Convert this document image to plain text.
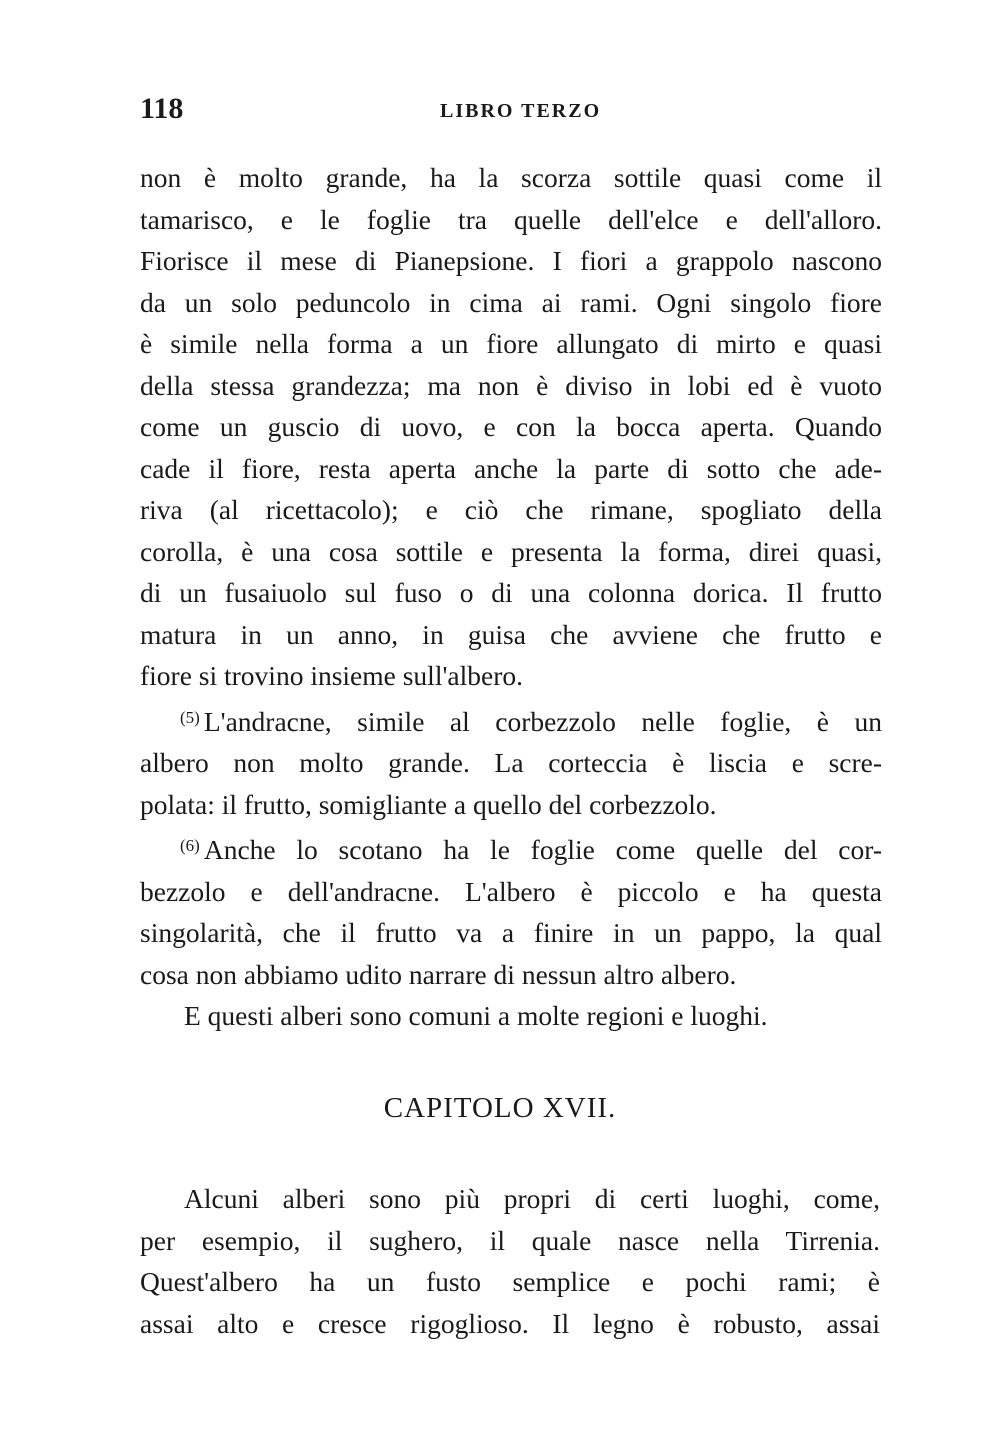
118	LIBRO TERZO

non è molto grande, ha la scorza sottile quasi come il
tamarisco, e le foglie tra quelle dell'elce e dell'alloro.
Fiorisce il mese di Pianepsione. I fiori a grappolo nascono
da un solo peduncolo in cima ai rami. Ogni singolo fiore
è simile nella forma a un fiore allungato di mirto e quasi
della stessa grandezza; ma non è diviso in lobi ed è vuoto
come un guscio di uovo, e con la bocca aperta. Quando
cade il fiore, resta aperta anche la parte di sotto che ade-
riva (al ricettacolo); e ciò che rimane, spogliato della
corolla, è una cosa sottile e presenta la forma, direi quasi,
di un fusaiuolo sul fuso o di una colonna dorica. Il frutto
matura in un anno, in guisa che avviene che frutto e
fiore si trovino insieme sull'albero.

$^{(5)}$ L'andracne, simile al corbezzolo nelle foglie, è un
albero non molto grande. La corteccia è liscia e scre-
polata: il frutto, somigliante a quello del corbezzolo.

$^{(6)}$ Anche lo scotano ha le foglie come quelle del cor-
bezzolo e dell'andracne. L'albero è piccolo e ha questa
singolarità, che il frutto va a finire in un pappo, la qual
cosa non abbiamo udito narrare di nessun altro albero.

E questi alberi sono comuni a molte regioni e luoghi.

CAPITOLO XVII.

Alcuni alberi sono più propri di certi luoghi, come,
per esempio, il sughero, il quale nasce nella Tirrenia.
Quest'albero ha un fusto semplice e pochi rami; è
assai alto e cresce rigoglioso. Il legno è robusto, assai
